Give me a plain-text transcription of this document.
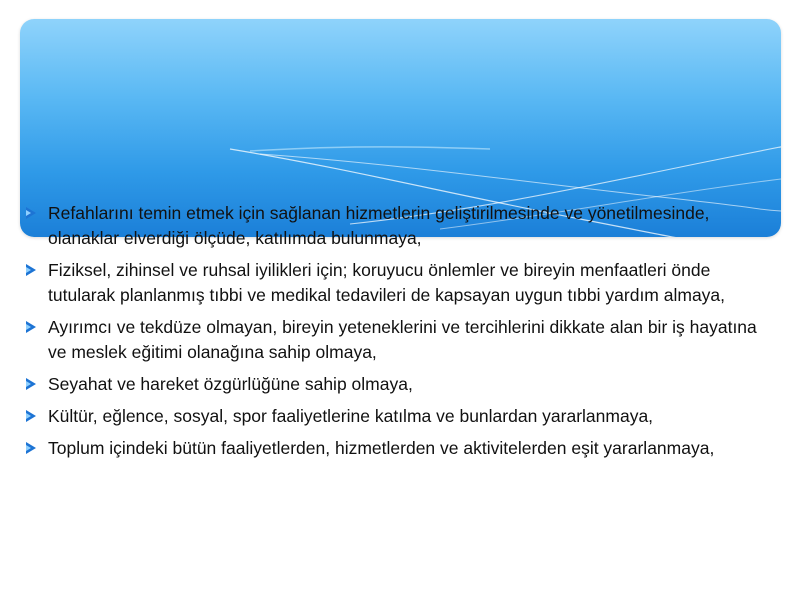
Refahlarını temin etmek için sağlanan hizmetlerin geliştirilmesinde ve yönetilmesinde, olanaklar elverdiği ölçüde, katılımda bulunmaya,
Fiziksel, zihinsel ve ruhsal iyilikleri için; koruyucu önlemler ve bireyin menfaatleri önde tutularak planlanmış tıbbi ve medikal tedavileri de kapsayan uygun tıbbi yardım almaya,
Ayırımcı ve tekdüze olmayan, bireyin yeteneklerini ve tercihlerini dikkate alan bir iş hayatına ve meslek eğitimi olanağına sahip olmaya,
Seyahat ve hareket özgürlüğüne sahip olmaya,
Kültür, eğlence, sosyal, spor faaliyetlerine katılma ve bunlardan yararlanmaya,
Toplum içindeki bütün faaliyetlerden, hizmetlerden ve aktivitelerden eşit yararlanmaya,
